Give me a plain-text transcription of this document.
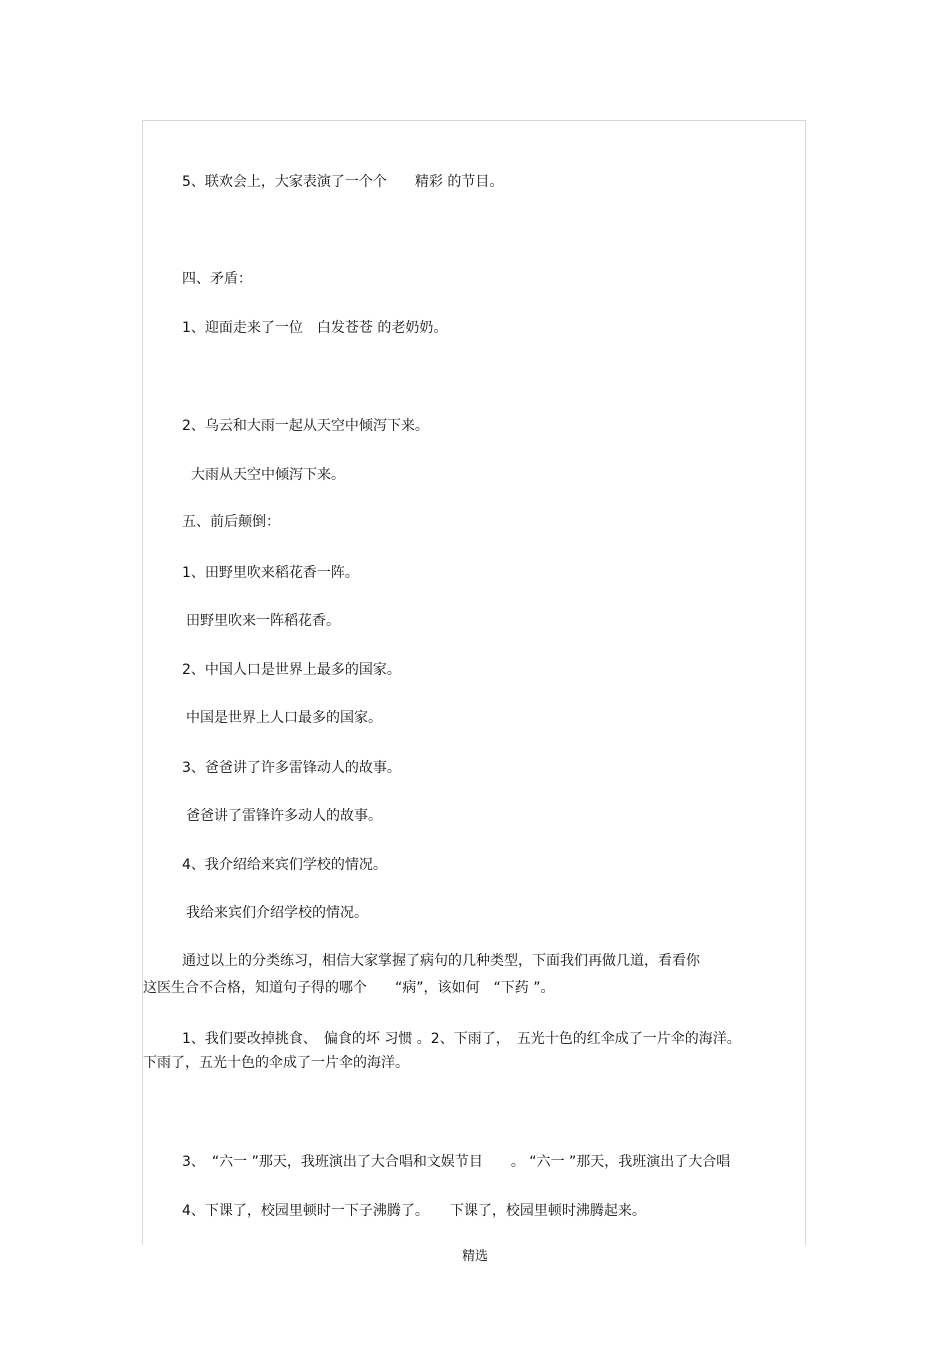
5、联欢会上，大家表演了一个个　　精彩 的节目。

四、矛盾：

1、迎面走来了一位　白发苍苍 的老奶奶。

2、乌云和大雨一起从天空中倾泻下来。

大雨从天空中倾泻下来。

五、前后颠倒：

1、田野里吹来稻花香一阵。

田野里吹来一阵稻花香。

2、中国人口是世界上最多的国家。

中国是世界上人口最多的国家。

3、爸爸讲了许多雷锋动人的故事。

爸爸讲了雷锋许多动人的故事。

4、我介绍给来宾们学校的情况。

我给来宾们介绍学校的情况。

通过以上的分类练习，相信大家掌握了病句的几种类型，下面我们再做几道，看看你

这医生合不合格，知道句子得的哪个　　“病”，该如何　“下药 ”。

1、我们要改掉挑食、　偏食的坏 习惯 。2、下雨了，　五光十色的红伞成了一片伞的海洋。

下雨了，五光十色的伞成了一片伞的海洋。

3、　“六一 ”那天，我班演出了大合唱和文娱节目　　。 “六一 ”那天，我班演出了大合唱

4、下课了，校园里顿时一下子沸腾了。　　下课了，校园里顿时沸腾起来。

精选
